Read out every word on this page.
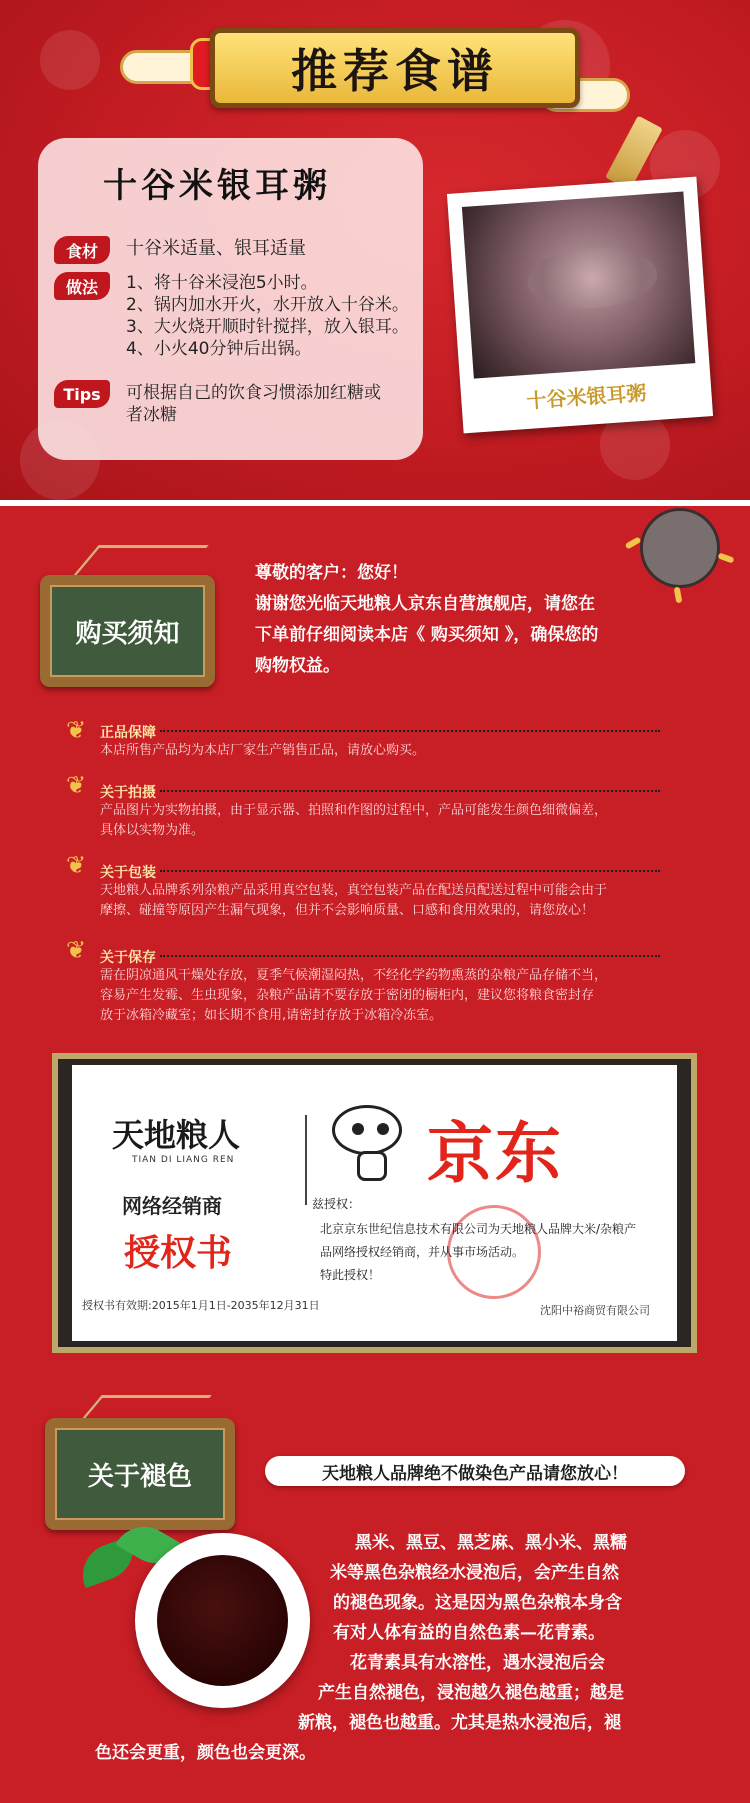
推荐食谱
十谷米银耳粥
食材	十谷米适量、银耳适量
做法	1、将十谷米浸泡5小时。
2、锅内加水开火，水开放入十谷米。
3、大火烧开顺时针搅拌，放入银耳。
4、小火40分钟后出锅。
Tips	可根据自己的饮食习惯添加红糖或
者冰糖
十谷米银耳粥
购买须知
尊敬的客户：您好！
谢谢您光临天地粮人京东自营旗舰店，请您在
下单前仔细阅读本店《 购买须知 》，确保您的
购物权益。
❦ 正品保障
本店所售产品均为本店厂家生产销售正品，请放心购买。
❦ 关于拍摄
产品图片为实物拍摄，由于显示器、拍照和作图的过程中，产品可能发生颜色细微偏差，
具体以实物为准。
❦ 关于包装
天地粮人品牌系列杂粮产品采用真空包装，真空包装产品在配送员配送过程中可能会由于
摩擦、碰撞等原因产生漏气现象，但并不会影响质量、口感和食用效果的，请您放心！
❦ 关于保存
需在阴凉通风干燥处存放，夏季气候潮湿闷热，不经化学药物熏蒸的杂粮产品存储不当，
容易产生发霉、生虫现象，杂粮产品请不要存放于密闭的橱柜内，建议您将粮食密封存
放于冰箱冷藏室；如长期不食用,请密封存放于冰箱冷冻室。
天地粮人
TIAN DI LIANG REN
网络经销商
授权书
授权书有效期:2015年1月1日-2035年12月31日
京东
兹授权：
北京京东世纪信息技术有限公司为天地粮人品牌大米/杂粮产
品网络授权经销商，并从事市场活动。
特此授权！
沈阳中裕商贸有限公司
关于褪色	天地粮人品牌绝不做染色产品请您放心！
黑米、黑豆、黑芝麻、黑小米、黑糯
米等黑色杂粮经水浸泡后，会产生自然
的褪色现象。这是因为黑色杂粮本身含
有对人体有益的自然色素—花青素。
花青素具有水溶性，遇水浸泡后会
产生自然褪色，浸泡越久褪色越重；越是
新粮，褪色也越重。尤其是热水浸泡后，褪
色还会更重，颜色也会更深。
